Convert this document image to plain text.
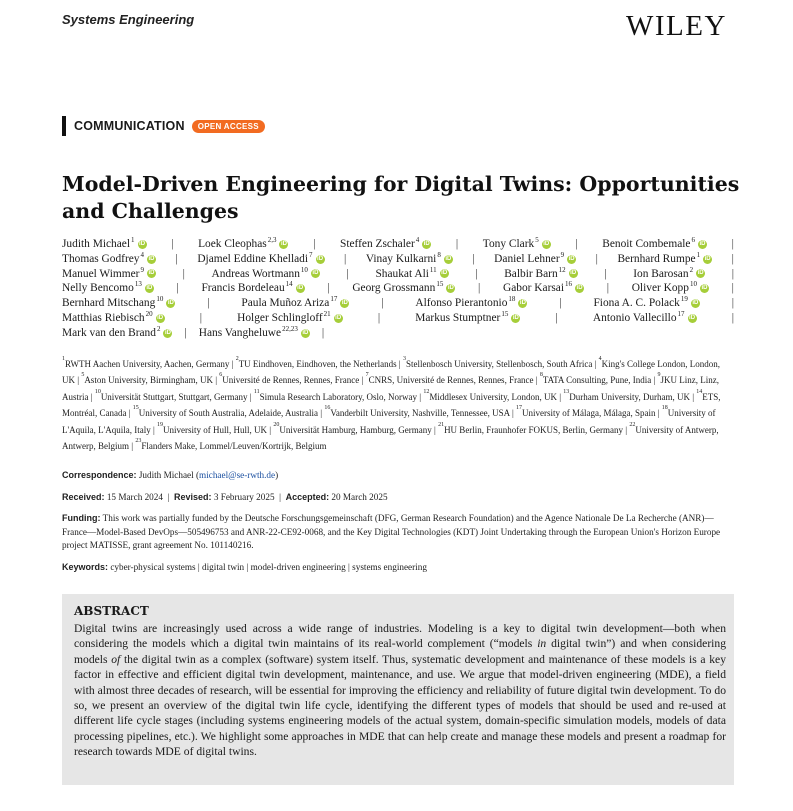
Systems Engineering	WILEY
COMMUNICATION	OPEN ACCESS
Model-Driven Engineering for Digital Twins: Opportunities and Challenges
Judith Michael$^1$ iD | Loek Cleophas$^{2,3}$ iD | Steffen Zschaler$^4$ iD | Tony Clark$^5$ iD | Benoit Combemale$^6$ iD |
Thomas Godfrey$^4$ iD | Djamel Eddine Khelladi$^7$ iD | Vinay Kulkarni$^8$ iD | Daniel Lehner$^9$ iD | Bernhard Rumpe$^1$ iD |
Manuel Wimmer$^9$ iD | Andreas Wortmann$^{10}$ iD | Shaukat Ali$^{11}$ iD | Balbir Barn$^{12}$ iD | Ion Barosan$^2$ iD |
Nelly Bencomo$^{13}$ iD | Francis Bordeleau$^{14}$ iD | Georg Grossmann$^{15}$ iD | Gabor Karsai$^{16}$ iD | Oliver Kopp$^{10}$ iD |
Bernhard Mitschang$^{10}$ iD	|	Paula Muñoz Ariza$^{17}$ iD	|	Alfonso Pierantonio$^{18}$ iD	|	Fiona A. C. Polack$^{19}$ iD	|
Matthias Riebisch$^{20}$ iD	|	Holger Schlingloff$^{21}$ iD	|	Markus Stumptner$^{15}$ iD	|	Antonio Vallecillo$^{17}$ iD	|
Mark van den Brand$^2$ iD | Hans Vangheluwe$^{22,23}$ iD |
$^1$RWTH Aachen University, Aachen, Germany | $^2$TU Eindhoven, Eindhoven, the Netherlands | $^3$Stellenbosch University, Stellenbosch, South Africa | $^4$King's College London, London, UK | $^5$Aston University, Birmingham, UK | $^6$Université de Rennes, Rennes, France | $^7$CNRS, Université de Rennes, Rennes, France | $^8$TATA Consulting, Pune, India | $^9$JKU Linz, Linz, Austria | $^{10}$Universität Stuttgart, Stuttgart, Germany | $^{11}$Simula Research Laboratory, Oslo, Norway | $^{12}$Middlesex University, London, UK | $^{13}$Durham University, Durham, UK | $^{14}$ETS, Montréal, Canada | $^{15}$University of South Australia, Adelaide, Australia | $^{16}$Vanderbilt University, Nashville, Tennessee, USA | $^{17}$University of Málaga, Málaga, Spain | $^{18}$University of L'Aquila, L'Aquila, Italy | $^{19}$University of Hull, Hull, UK | $^{20}$Universität Hamburg, Hamburg, Germany | $^{21}$HU Berlin, Fraunhofer FOKUS, Berlin, Germany | $^{22}$University of Antwerp, Antwerp, Belgium | $^{23}$Flanders Make, Lommel/Leuven/Kortrijk, Belgium
Correspondence: Judith Michael (michael@se-rwth.de)
Received: 15 March 2024  |  Revised: 3 February 2025  |  Accepted: 20 March 2025
Funding: This work was partially funded by the Deutsche Forschungsgemeinschaft (DFG, German Research Foundation) and the Agence Nationale De La Recherche (ANR)—France—Model-Based DevOps—505496753 and ANR-22-CE92-0068, and the Key Digital Technologies (KDT) Joint Undertaking through the European Union's Horizon Europe project MATISSE, grant agreement No. 101140216.
Keywords: cyber-physical systems | digital twin | model-driven engineering | systems engineering
ABSTRACT
Digital twins are increasingly used across a wide range of industries. Modeling is a key to digital twin development—both when considering the models which a digital twin maintains of its real-world complement (“models in digital twin”) and when considering models of the digital twin as a complex (software) system itself. Thus, systematic development and maintenance of these models is a key factor in effective and efficient digital twin development, maintenance, and use. We argue that model-driven engineering (MDE), a field with almost three decades of research, will be essential for improving the efficiency and reliability of future digital twin development. To do so, we present an overview of the digital twin life cycle, identifying the different types of models that should be used and re-used at different life cycle stages (including systems engineering models of the actual system, domain-specific simulation models, models of data processing pipelines, etc.). We highlight some approaches in MDE that can help create and manage these models and present a roadmap for research towards MDE of digital twins.
